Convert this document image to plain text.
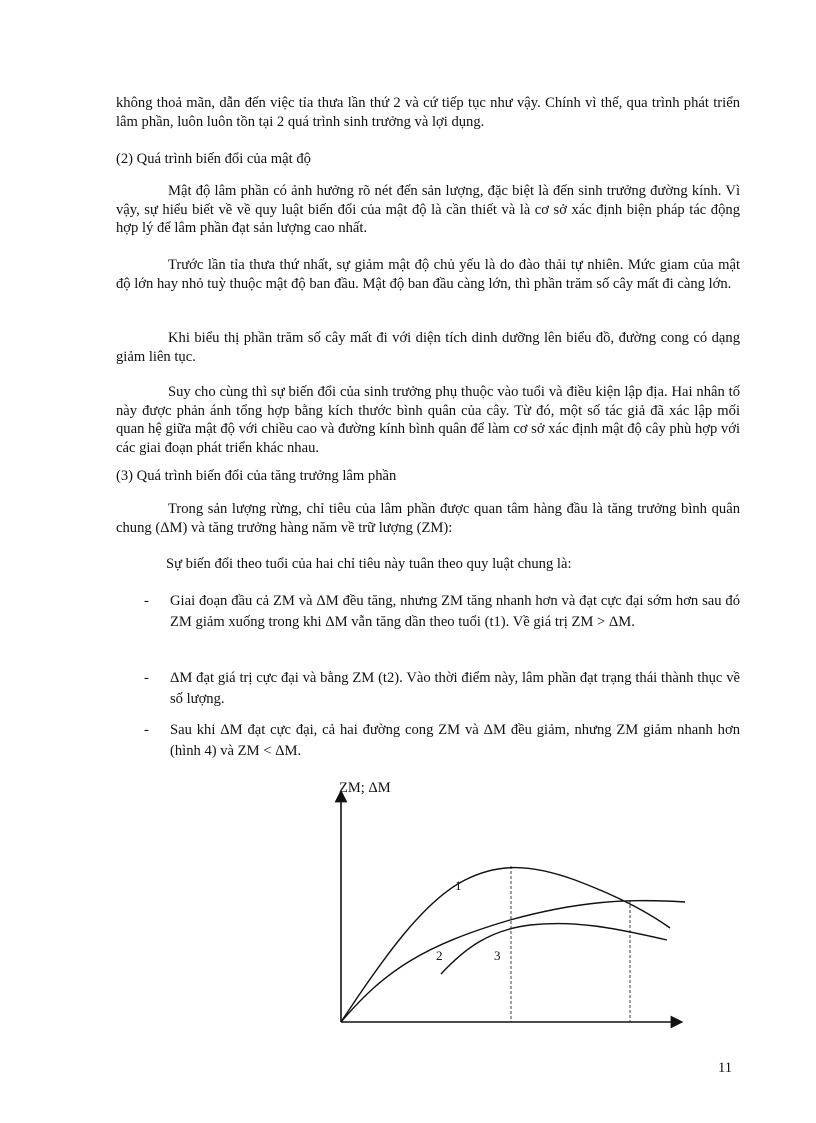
không thoả mãn, dẫn đến việc tỉa thưa lần thứ 2 và cứ tiếp tục như vậy. Chính vì thế, qua trình phát triển lâm phần, luôn luôn tồn tại 2 quá trình sinh trưởng và lợi dụng.

(2) Quá trình biến đổi của mật độ

Mật độ lâm phần có ảnh hưởng rõ nét đến sản lượng, đặc biệt là đến sinh trưởng đường kính. Vì vậy, sự hiểu biết về về quy luật biến đổi của mật độ là cần thiết và là cơ sở xác định biện pháp tác động hợp lý để lâm phần đạt sản lượng cao nhất.

Trước lần tỉa thưa thứ nhất, sự giảm mật độ chủ yếu là do đào thải tự nhiên. Mức giam của mật độ lớn hay nhỏ tuỳ thuộc mật độ ban đầu. Mật độ ban đầu càng lớn, thì phần trăm số cây mất đi càng lớn.

Khi biểu thị phần trăm số cây mất đi với diện tích dinh dưỡng lên biểu đồ, đường cong có dạng giảm liên tục.

Suy cho cùng thì sự biến đổi của sinh trưởng phụ thuộc vào tuổi và điều kiện lập địa. Hai nhân tố này được phản ánh tổng hợp bằng kích thước bình quân của cây. Từ đó, một số tác giả đã xác lập mối quan hệ giữa mật độ với chiều cao và đường kính bình quân để làm cơ sở xác định mật độ cây phù hợp với các giai đoạn phát triển khác nhau.

(3) Quá trình biến đổi của tăng trưởng lâm phần

Trong sản lượng rừng, chỉ tiêu của lâm phần được quan tâm hàng đầu là tăng trưởng bình quân chung (ΔM) và tăng trưởng hàng năm về trữ lượng (ZM):

Sự biến đổi theo tuổi của hai chỉ tiêu này tuân theo quy luật chung là:

- Giai đoạn đầu cả ZM và ΔM đều tăng, nhưng ZM tăng nhanh hơn và đạt cực đại sớm hơn sau đó ZM giảm xuống trong khi ΔM vẫn tăng dần theo tuổi (t1). Về giá trị ZM > ΔM.
- ΔM đạt giá trị cực đại và bằng ZM (t2). Vào thời điểm này, lâm phần đạt trạng thái thành thục về số lượng.
- Sau khi ΔM đạt cực đại, cả hai đường cong ZM và ΔM đều giảm, nhưng ZM giảm nhanh hơn (hình 4) và ZM < ΔM.
ZM; ΔM
1
2	3
11
